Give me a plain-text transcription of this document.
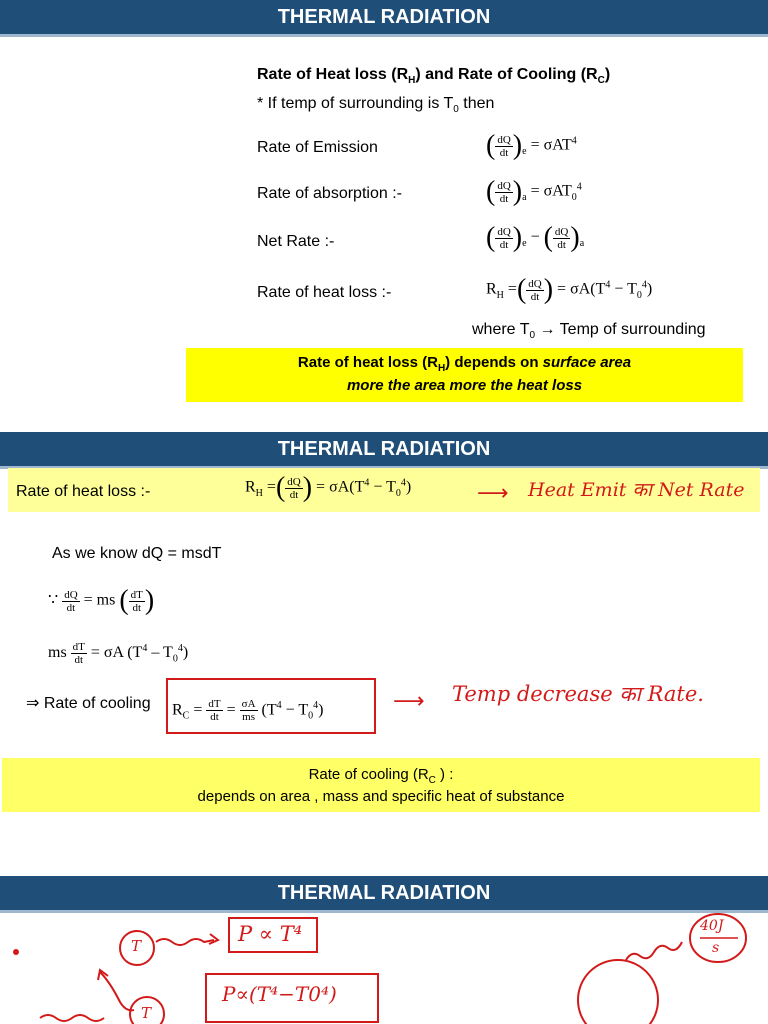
THERMAL RADIATION
Rate of Heat loss $(R_H)$ and Rate of Cooling $(R_C)$
* If temp of surrounding is $T_0$ then
Rate of Emission	( $\frac{dQ}{dt} )_e = \sigma AT^4$
Rate of absorption :-	( $\frac{dQ}{dt} )_a = \sigma AT_0^4$
Net Rate :-	( $\frac{dQ}{dt} )_e$ − ( $\frac{dQ}{dt} )_a$
Rate of heat loss :-	$R_H$ =( $\frac{dQ}{dt}$ ) = $\sigma A(T^4 - T_0^4)$
where $T_0$ → Temp of surrounding
Rate of heat loss $(R_H)$ depends on surface area
more the area more the heat loss
THERMAL RADIATION
Rate of heat loss :-	$R_H$ =( $\frac{dQ}{dt}$ ) = $\sigma A(T^4 - T_0^4)$	⟶ Heat Emit का Net Rate
As we know dQ = msdT
∵ $\frac{dQ}{dt}$ = ms ( $\frac{dT}{dt}$ )
ms $\frac{dT}{dt} = \sigma A$ $(T^4 - T_0^4)$
⇒ Rate of cooling	$R_C = \frac{dT}{dt} = \frac{\sigma A}{ms} (T^4 - T_0^4)$	⟶ Temp decrease का Rate.
Rate of cooling ($R_C$ ) :
depends on area , mass and specific heat of substance
THERMAL RADIATION
T	P ∝ T⁴
T
P∝(T⁴−T0⁴)
40J
s
